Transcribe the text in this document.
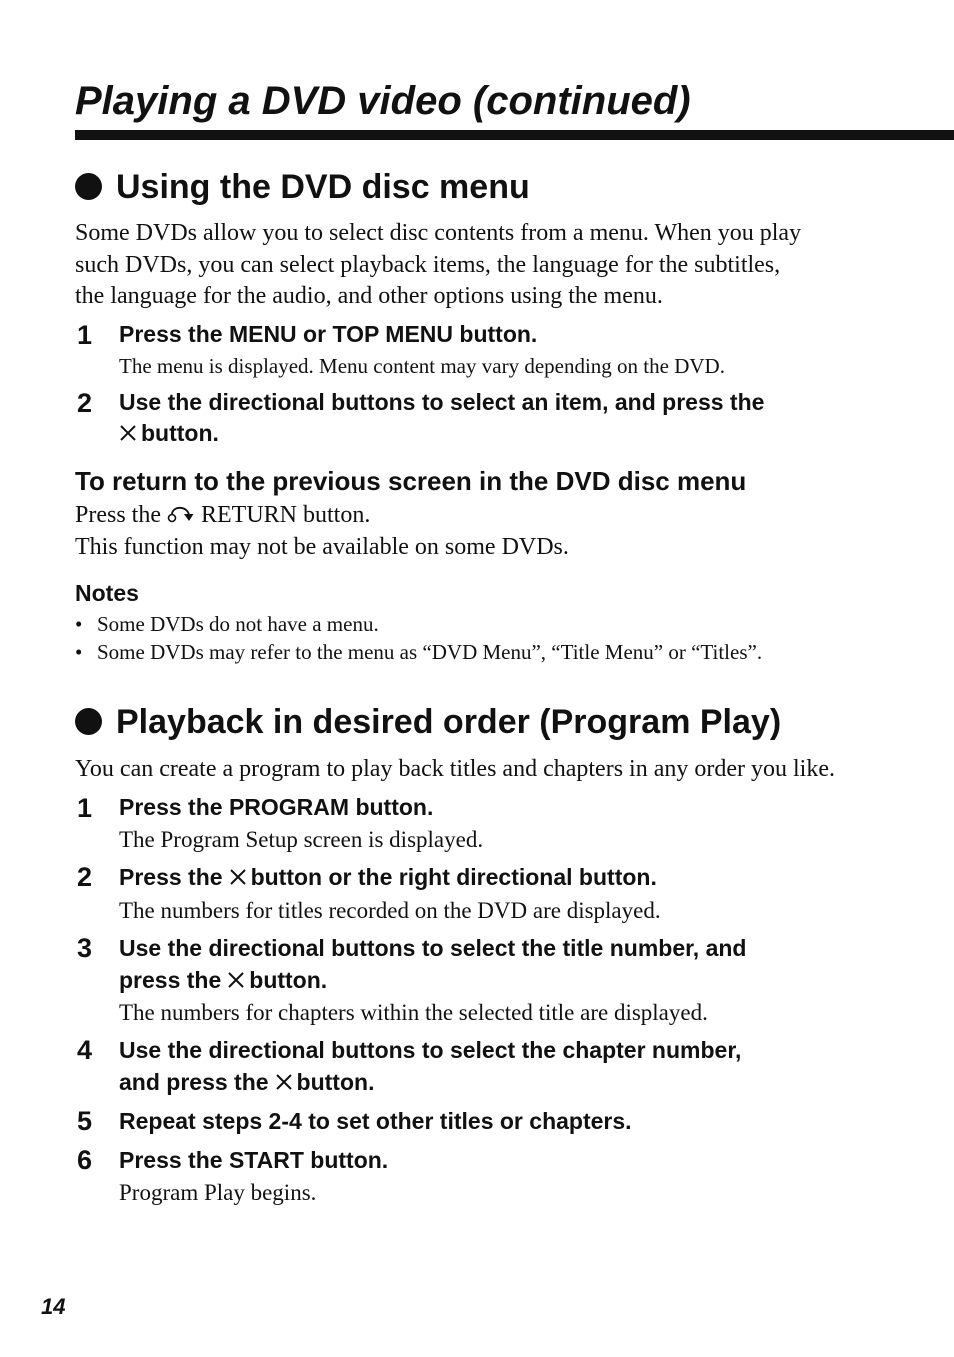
Playing a DVD video (continued)
Using the DVD disc menu

Some DVDs allow you to select disc contents from a menu. When you play
such DVDs, you can select playback items, the language for the subtitles,
the language for the audio, and other options using the menu.

1 Press the MENU or TOP MENU button.
The menu is displayed. Menu content may vary depending on the DVD.
2 Use the directional buttons to select an item, and press the
button.
To return to the previous screen in the DVD disc menu

Press the RETURN button.
This function may not be available on some DVDs.

Notes
• Some DVDs do not have a menu.
• Some DVDs may refer to the menu as “DVD Menu”, “Title Menu” or “Titles”.
Playback in desired order (Program Play)

You can create a program to play back titles and chapters in any order you like.

1 Press the PROGRAM button.
The Program Setup screen is displayed.
2 Press the button or the right directional button.
The numbers for titles recorded on the DVD are displayed.
3 Use the directional buttons to select the title number, and
press the button.
The numbers for chapters within the selected title are displayed.
4 Use the directional buttons to select the chapter number,
and press the button.
5 Repeat steps 2-4 to set other titles or chapters.
6 Press the START button.
Program Play begins.
14
